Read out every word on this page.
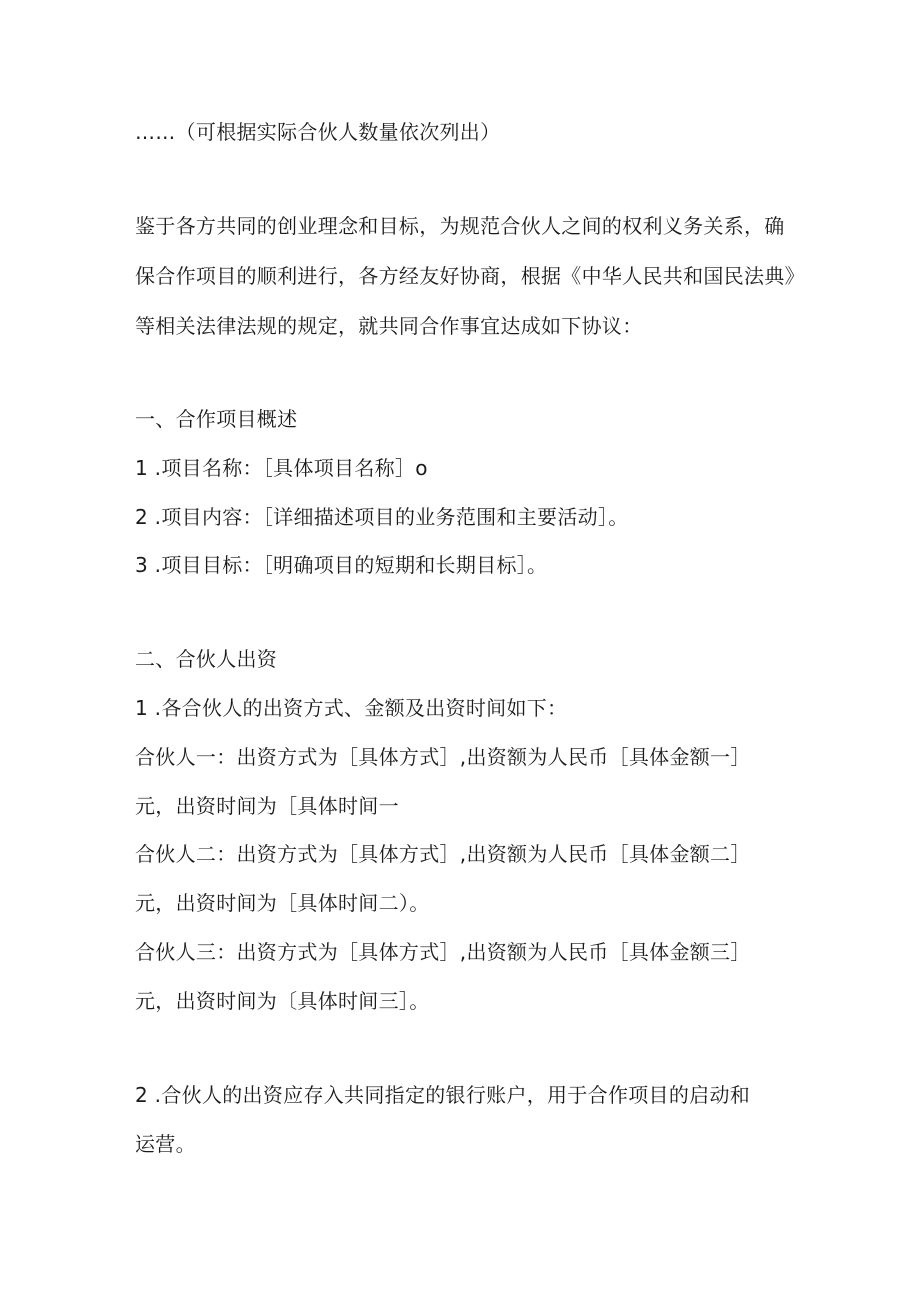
……（可根据实际合伙人数量依次列出）
鉴于各方共同的创业理念和目标，为规范合伙人之间的权利义务关系，确
保合作项目的顺利进行，各方经友好协商，根据《中华人民共和国民法典》
等相关法律法规的规定，就共同合作事宜达成如下协议：
一、合作项目概述
1 .项目名称：［具体项目名称］o
2 .项目内容：［详细描述项目的业务范围和主要活动］。
3 .项目目标：［明确项目的短期和长期目标］。
二、合伙人出资
1 .各合伙人的出资方式、金额及出资时间如下：
合伙人一：出资方式为［具体方式］,出资额为人民币［具体金额一］
元，出资时间为［具体时间一
合伙人二：出资方式为［具体方式］,出资额为人民币［具体金额二］
元，出资时间为［具体时间二）。
合伙人三：出资方式为［具体方式］,出资额为人民币［具体金额三］
元，出资时间为〔具体时间三］。
2 .合伙人的出资应存入共同指定的银行账户，用于合作项目的启动和
运营。
